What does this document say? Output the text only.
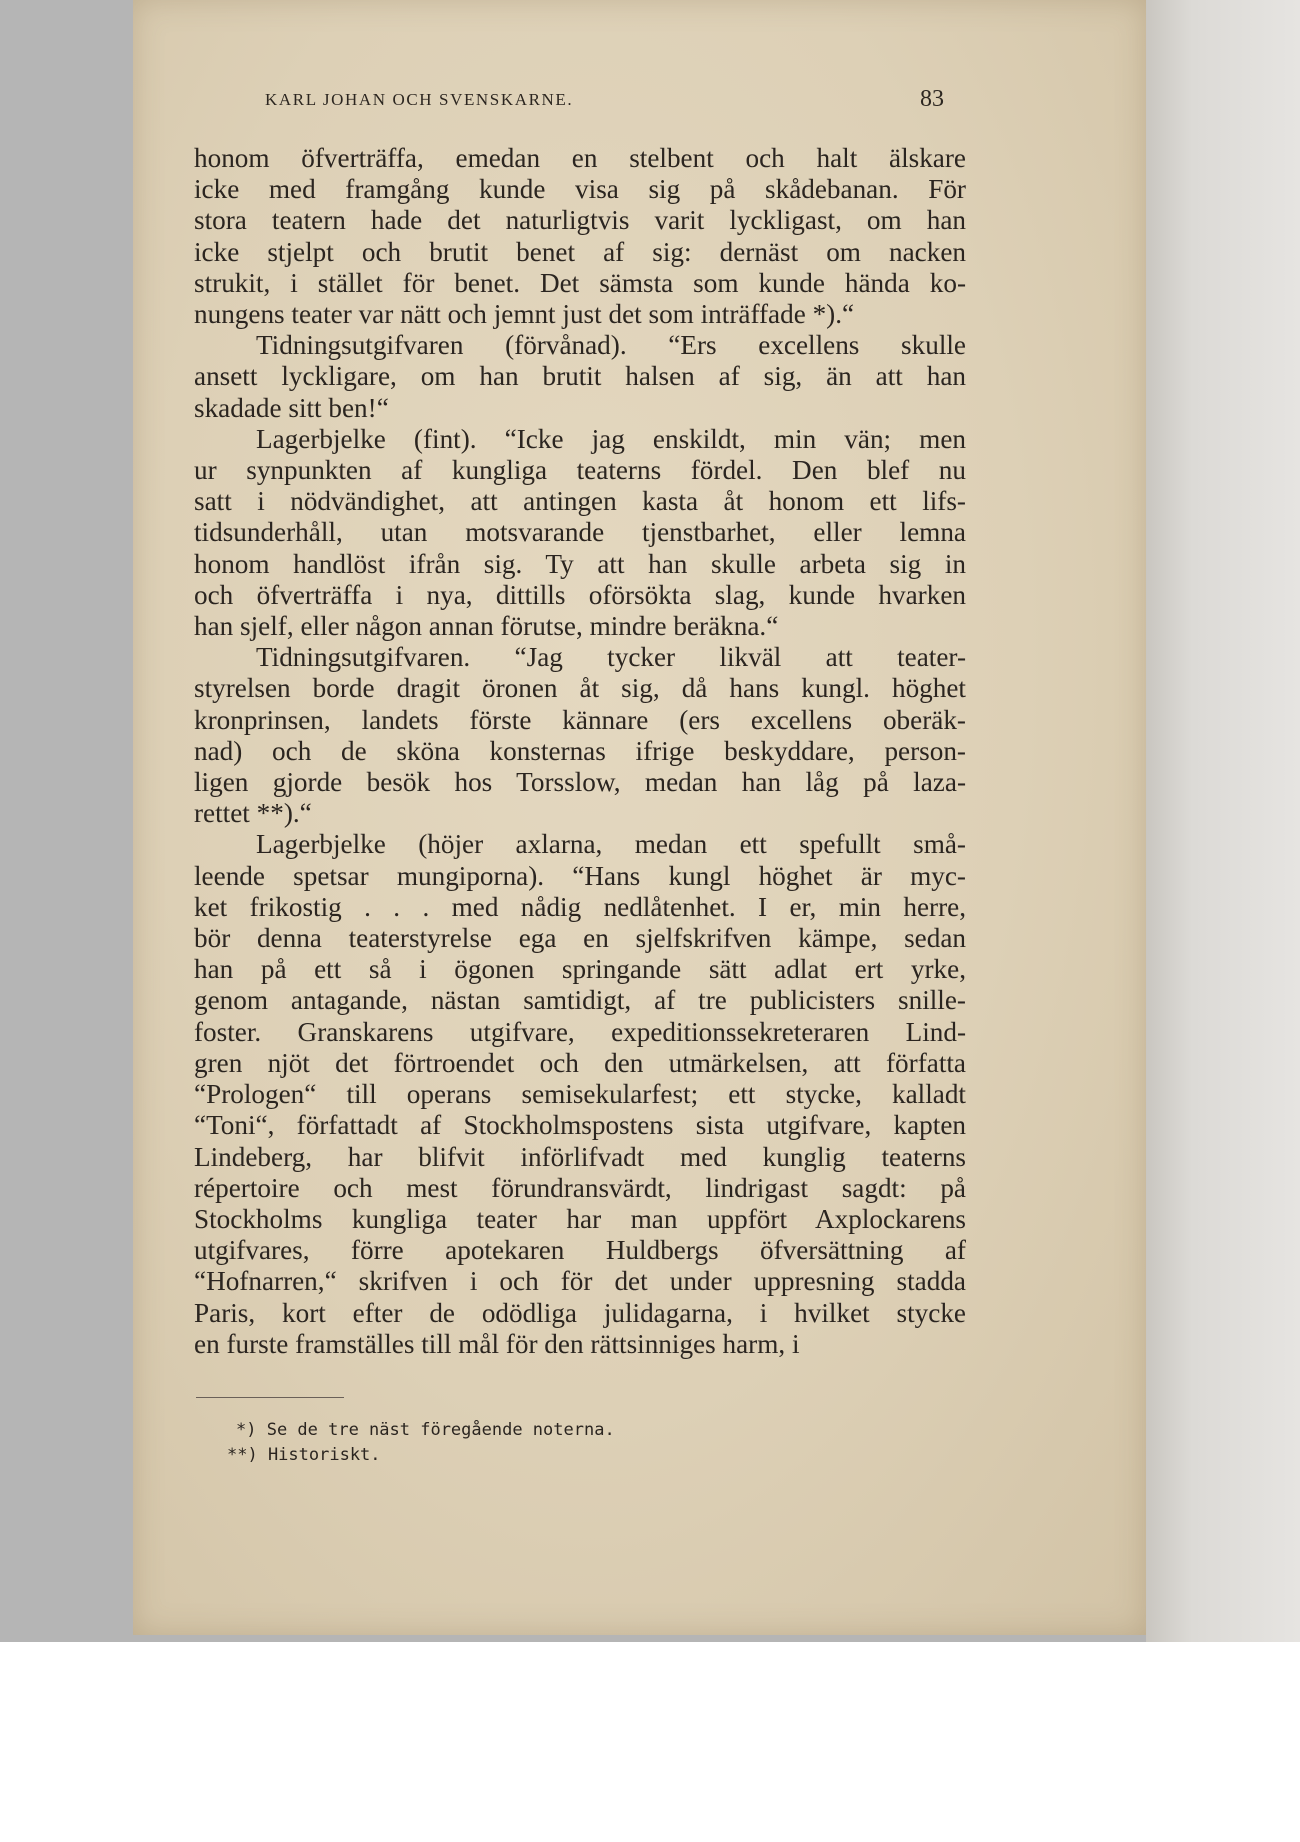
KARL JOHAN OCH SVENSKARNE.	83
honom öfverträffa, emedan en stelbent och halt älskare
icke med framgång kunde visa sig på skådebanan. För
stora teatern hade det naturligtvis varit lyckligast, om han
icke stjelpt och brutit benet af sig: dernäst om nacken
strukit, i stället för benet. Det sämsta som kunde hända ko-
nungens teater var nätt och jemnt just det som inträffade *).“
Tidningsutgifvaren (förvånad). “Ers excellens skulle
ansett lyckligare, om han brutit halsen af sig, än att han
skadade sitt ben!“
Lagerbjelke (fint). “Icke jag enskildt, min vän; men
ur synpunkten af kungliga teaterns fördel. Den blef nu
satt i nödvändighet, att antingen kasta åt honom ett lifs-
tidsunderhåll, utan motsvarande tjenstbarhet, eller lemna
honom handlöst ifrån sig. Ty att han skulle arbeta sig in
och öfverträffa i nya, dittills oförsökta slag, kunde hvarken
han sjelf, eller någon annan förutse, mindre beräkna.“
Tidningsutgifvaren. “Jag tycker likväl att teater-
styrelsen borde dragit öronen åt sig, då hans kungl. höghet
kronprinsen, landets förste kännare (ers excellens oberäk-
nad) och de sköna konsternas ifrige beskyddare, person-
ligen gjorde besök hos Torsslow, medan han låg på laza-
rettet **).“
Lagerbjelke (höjer axlarna, medan ett spefullt små-
leende spetsar mungiporna). “Hans kungl höghet är myc-
ket frikostig . . . med nådig nedlåtenhet. I er, min herre,
bör denna teaterstyrelse ega en sjelfskrifven kämpe, sedan
han på ett så i ögonen springande sätt adlat ert yrke,
genom antagande, nästan samtidigt, af tre publicisters snille-
foster. Granskarens utgifvare, expeditionssekreteraren Lind-
gren njöt det förtroendet och den utmärkelsen, att författa
“Prologen“ till operans semisekularfest; ett stycke, kalladt
“Toni“, författadt af Stockholmspostens sista utgifvare, kapten
Lindeberg, har blifvit införlifvadt med kunglig teaterns
répertoire och mest förundransvärdt, lindrigast sagdt: på
Stockholms kungliga teater har man uppfört Axplockarens
utgifvares, förre apotekaren Huldbergs öfversättning af
“Hofnarren,“ skrifven i och för det under uppresning stadda
Paris, kort efter de odödliga julidagarna, i hvilket stycke
en furste framställes till mål för den rättsinniges harm, i
*) Se de tre näst föregående noterna.
**) Historiskt.
